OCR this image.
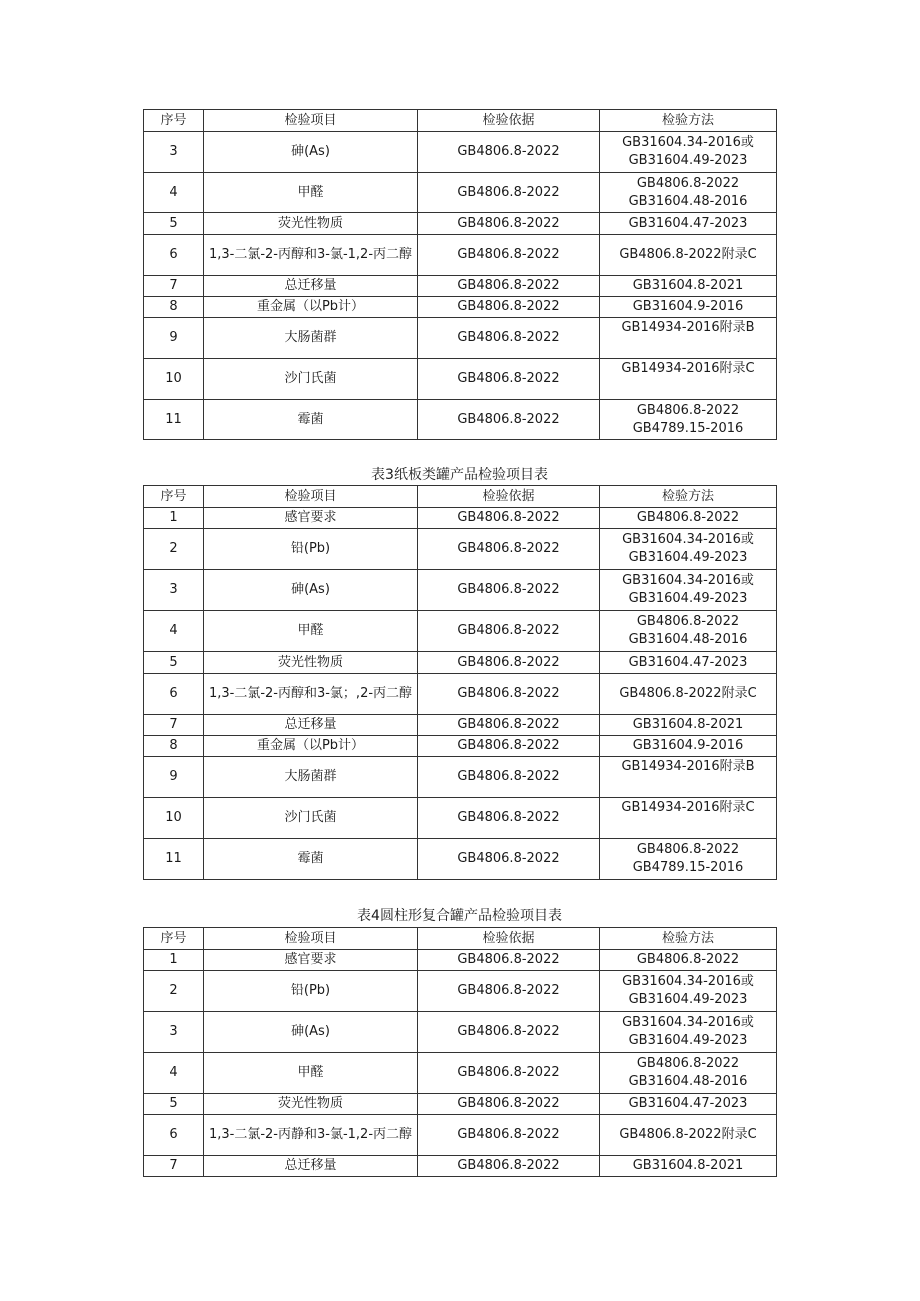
序号	检验项目	检验依据	检验方法
3	砷(As)	GB4806.8-2022	GB31604.34-2016或
GB31604.49-2023

4	甲醛	GB4806.8-2022	GB4806.8-2022
GB31604.48-2016

5	荧光性物质	GB4806.8-2022	GB31604.47-2023
6	1,3-二氯-2-丙醇和3-氯-1,2-丙二醇	GB4806.8-2022	GB4806.8-2022附录C
7	总迁移量	GB4806.8-2022	GB31604.8-2021
8	重金属（以Pb计）	GB4806.8-2022	GB31604.9-2016
9	大肠菌群	GB4806.8-2022	GB14934-2016附录B
10	沙门氏菌	GB4806.8-2022	GB14934-2016附录C
11	霉菌	GB4806.8-2022	GB4806.8-2022
GB4789.15-2016
表3纸板类罐产品检验项目表
序号	检验项目	检验依据	检验方法
1	感官要求	GB4806.8-2022	GB4806.8-2022
2	铅(Pb)	GB4806.8-2022	GB31604.34-2016或
GB31604.49-2023

3	砷(As)	GB4806.8-2022	GB31604.34-2016或
GB31604.49-2023

4	甲醛	GB4806.8-2022	GB4806.8-2022
GB31604.48-2016

5	荧光性物质	GB4806.8-2022	GB31604.47-2023
6	1,3-二氯-2-丙醇和3-氯；,2-丙二醇	GB4806.8-2022	GB4806.8-2022附录C
7	总迁移量	GB4806.8-2022	GB31604.8-2021
8	重金属（以Pb计）	GB4806.8-2022	GB31604.9-2016
9	大肠菌群	GB4806.8-2022	GB14934-2016附录B
10	沙门氏菌	GB4806.8-2022	GB14934-2016附录C
11	霉菌	GB4806.8-2022	GB4806.8-2022
GB4789.15-2016
表4圆柱形复合罐产品检验项目表
序号	检验项目	检验依据	检验方法
1	感官要求	GB4806.8-2022	GB4806.8-2022
2	铅(Pb)	GB4806.8-2022	GB31604.34-2016或
GB31604.49-2023

3	砷(As)	GB4806.8-2022	GB31604.34-2016或
GB31604.49-2023

4	甲醛	GB4806.8-2022	GB4806.8-2022
GB31604.48-2016

5	荧光性物质	GB4806.8-2022	GB31604.47-2023
6	1,3-二氯-2-丙静和3-氯-1,2-丙二醇	GB4806.8-2022	GB4806.8-2022附录C
7	总迁移量	GB4806.8-2022	GB31604.8-2021
